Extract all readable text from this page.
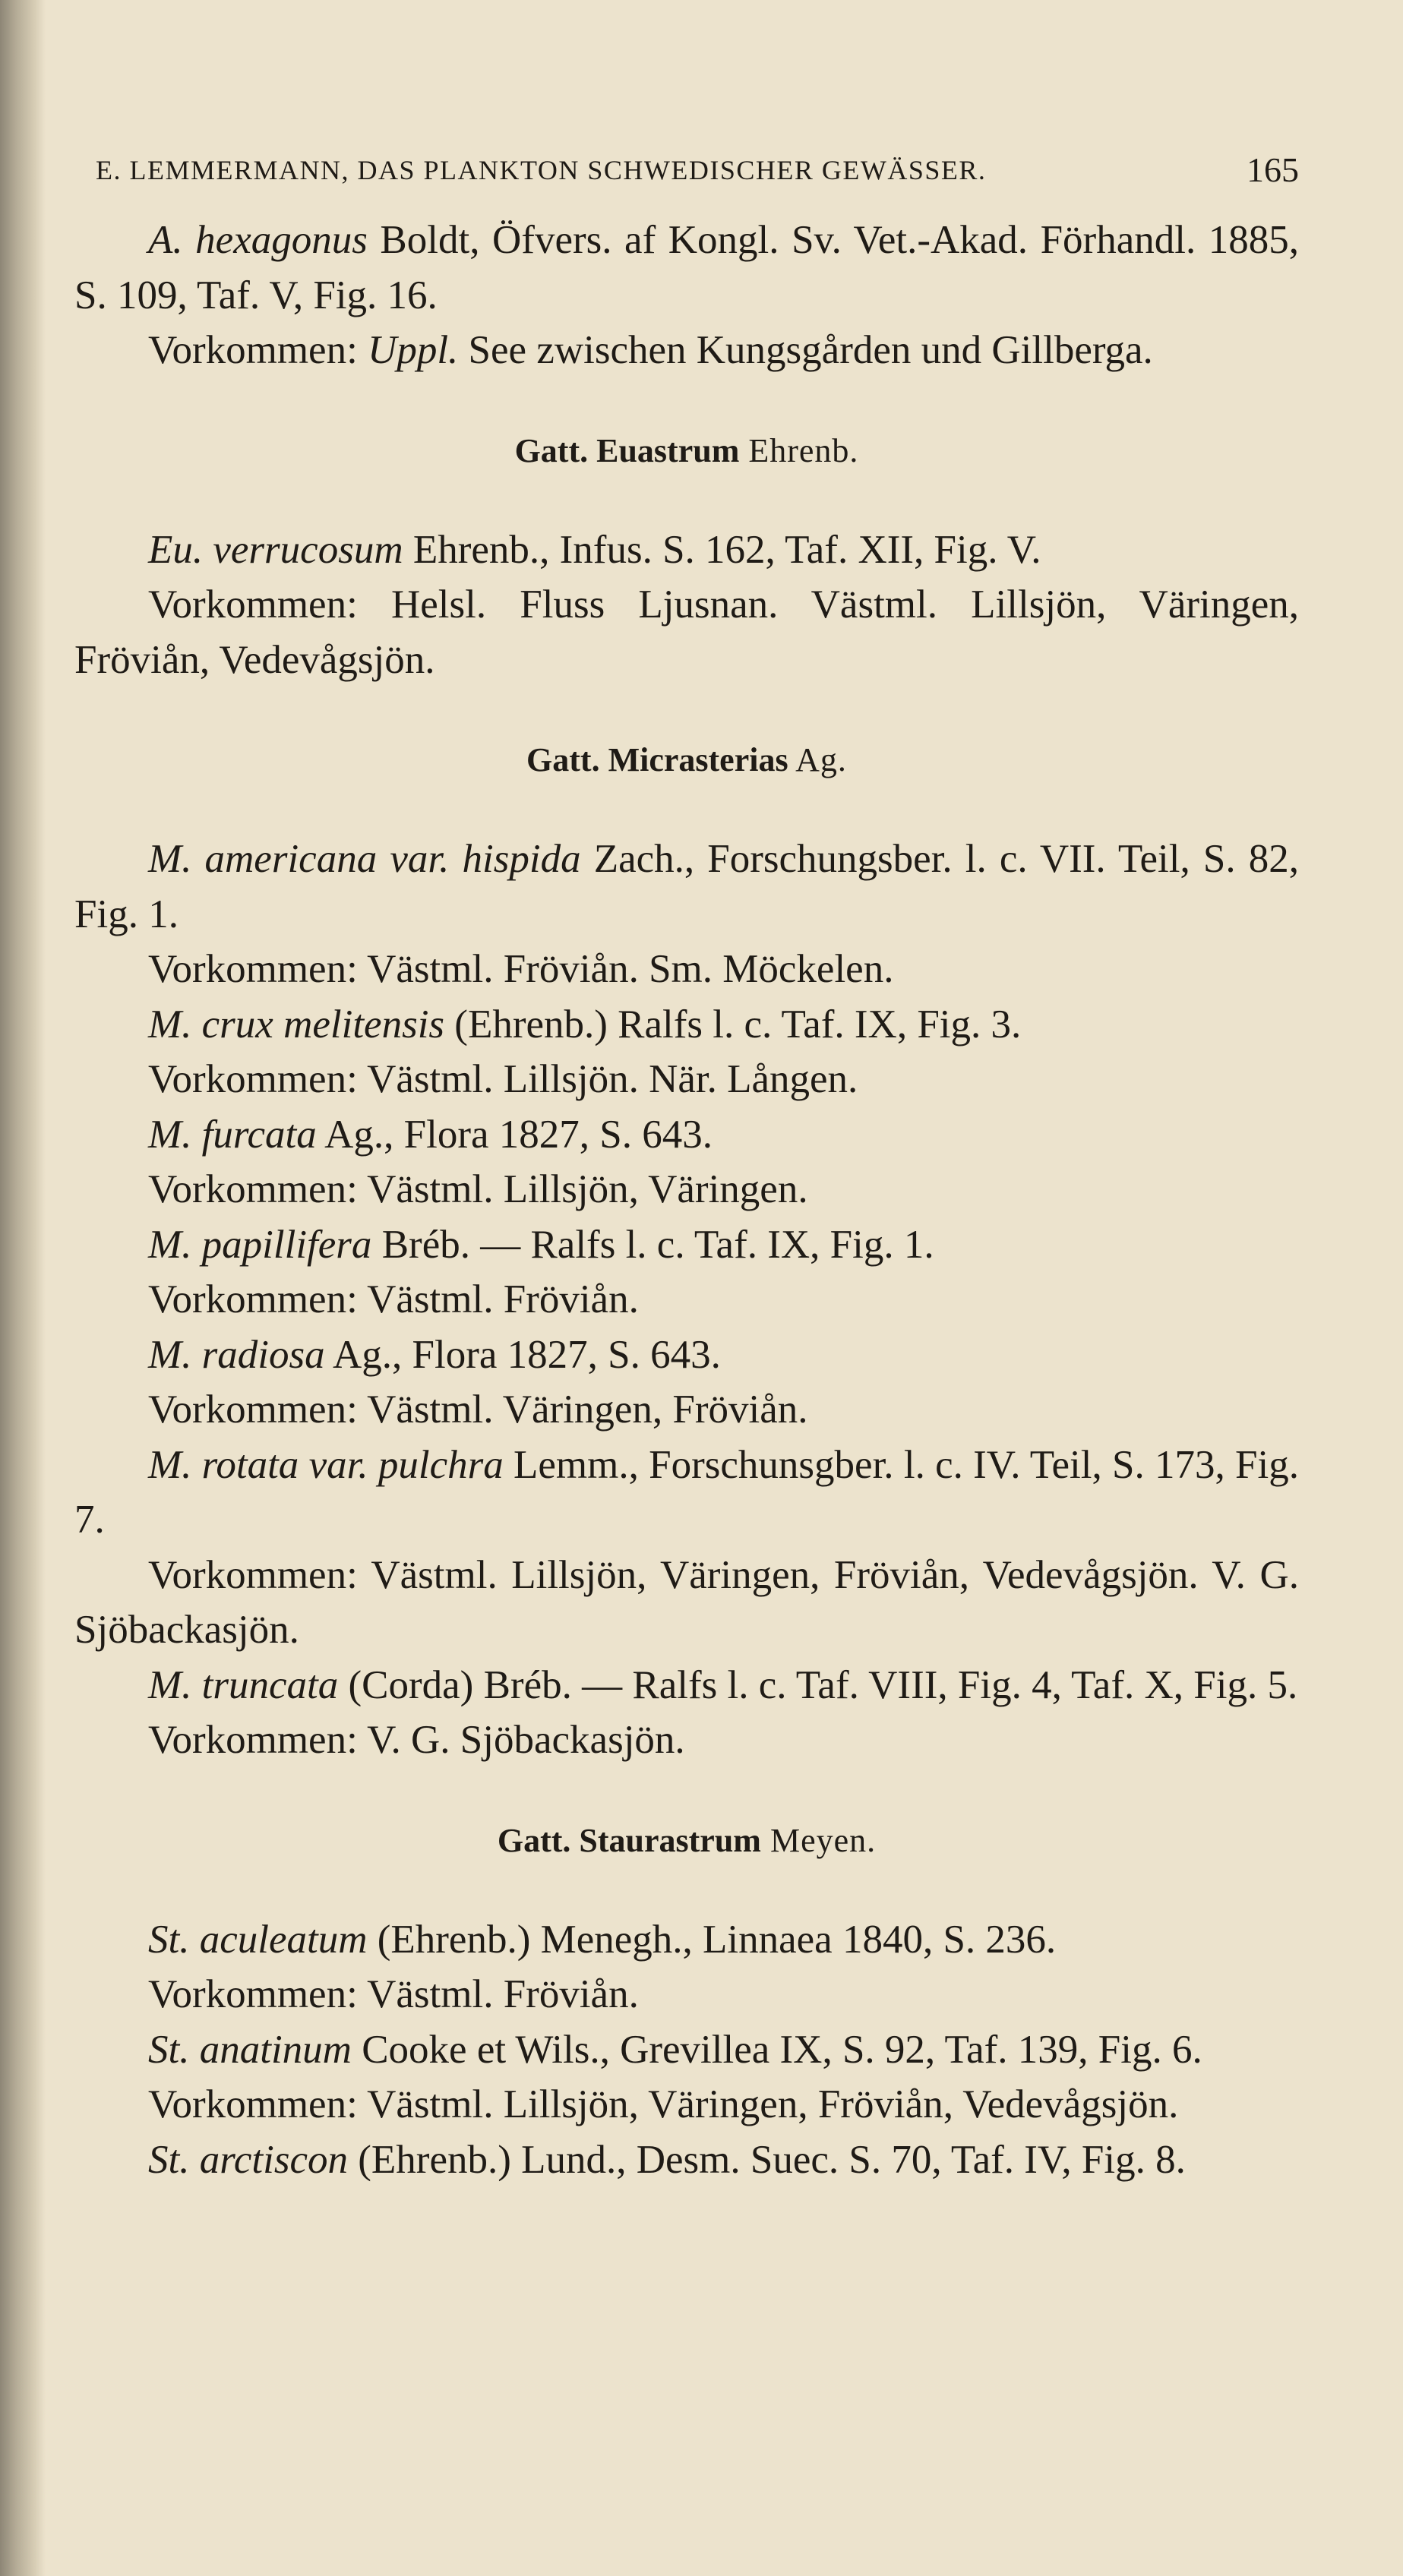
E. LEMMERMANN, DAS PLANKTON SCHWEDISCHER GEWÄSSER.	165

A. hexagonus Boldt, Öfvers. af Kongl. Sv. Vet.-Akad. Förhandl. 1885, S. 109, Taf. V, Fig. 16.

Vorkommen: Uppl. See zwischen Kungsgården und Gillberga.

Gatt. Euastrum Ehrenb.

Eu. verrucosum Ehrenb., Infus. S. 162, Taf. XII, Fig. V.

Vorkommen: Helsl. Fluss Ljusnan. Västml. Lillsjön, Väringen, Fröviån, Vedevågsjön.

Gatt. Micrasterias Ag.

M. americana var. hispida Zach., Forschungsber. l. c. VII. Teil, S. 82, Fig. 1.

Vorkommen: Västml. Fröviån. Sm. Möckelen.

M. crux melitensis (Ehrenb.) Ralfs l. c. Taf. IX, Fig. 3.

Vorkommen: Västml. Lillsjön. När. Lången.

M. furcata Ag., Flora 1827, S. 643.

Vorkommen: Västml. Lillsjön, Väringen.

M. papillifera Bréb. — Ralfs l. c. Taf. IX, Fig. 1.

Vorkommen: Västml. Fröviån.

M. radiosa Ag., Flora 1827, S. 643.

Vorkommen: Västml. Väringen, Fröviån.

M. rotata var. pulchra Lemm., Forschunsgber. l. c. IV. Teil, S. 173, Fig. 7.

Vorkommen: Västml. Lillsjön, Väringen, Fröviån, Vedevågsjön. V. G. Sjöbackasjön.

M. truncata (Corda) Bréb. — Ralfs l. c. Taf. VIII, Fig. 4, Taf. X, Fig. 5.

Vorkommen: V. G. Sjöbackasjön.

Gatt. Staurastrum Meyen.

St. aculeatum (Ehrenb.) Menegh., Linnaea 1840, S. 236.

Vorkommen: Västml. Fröviån.

St. anatinum Cooke et Wils., Grevillea IX, S. 92, Taf. 139, Fig. 6.

Vorkommen: Västml. Lillsjön, Väringen, Fröviån, Vedevågsjön.

St. arctiscon (Ehrenb.) Lund., Desm. Suec. S. 70, Taf. IV, Fig. 8.
